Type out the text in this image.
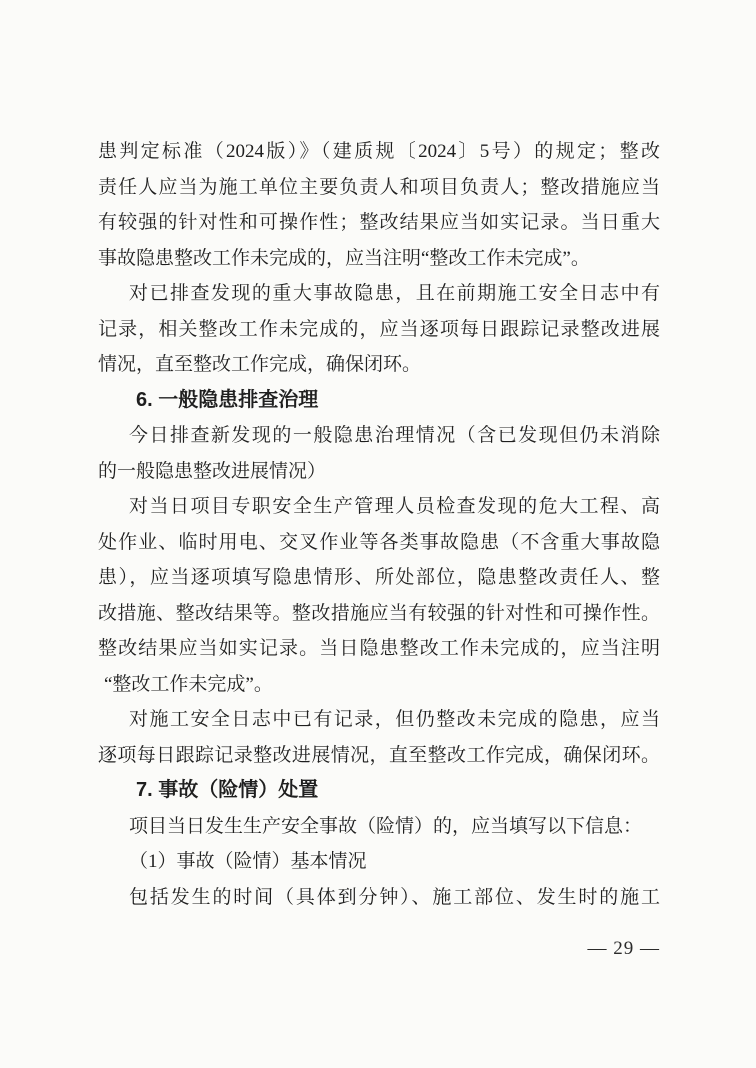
患判定标准（2024版）》（建质规〔2024〕5号）的规定；整改
责任人应当为施工单位主要负责人和项目负责人；整改措施应当
有较强的针对性和可操作性；整改结果应当如实记录。当日重大
事故隐患整改工作未完成的，应当注明“整改工作未完成”。
对已排查发现的重大事故隐患，且在前期施工安全日志中有
记录，相关整改工作未完成的，应当逐项每日跟踪记录整改进展
情况，直至整改工作完成，确保闭环。
6. 一般隐患排查治理
今日排查新发现的一般隐患治理情况（含已发现但仍未消除
的一般隐患整改进展情况）
对当日项目专职安全生产管理人员检查发现的危大工程、高
处作业、临时用电、交叉作业等各类事故隐患（不含重大事故隐
患），应当逐项填写隐患情形、所处部位，隐患整改责任人、整
改措施、整改结果等。整改措施应当有较强的针对性和可操作性。
整改结果应当如实记录。当日隐患整改工作未完成的，应当注明
“整改工作未完成”。
对施工安全日志中已有记录，但仍整改未完成的隐患，应当
逐项每日跟踪记录整改进展情况，直至整改工作完成，确保闭环。
7. 事故（险情）处置
项目当日发生生产安全事故（险情）的，应当填写以下信息：
（1）事故（险情）基本情况
包括发生的时间（具体到分钟）、施工部位、发生时的施工
— 29 —
